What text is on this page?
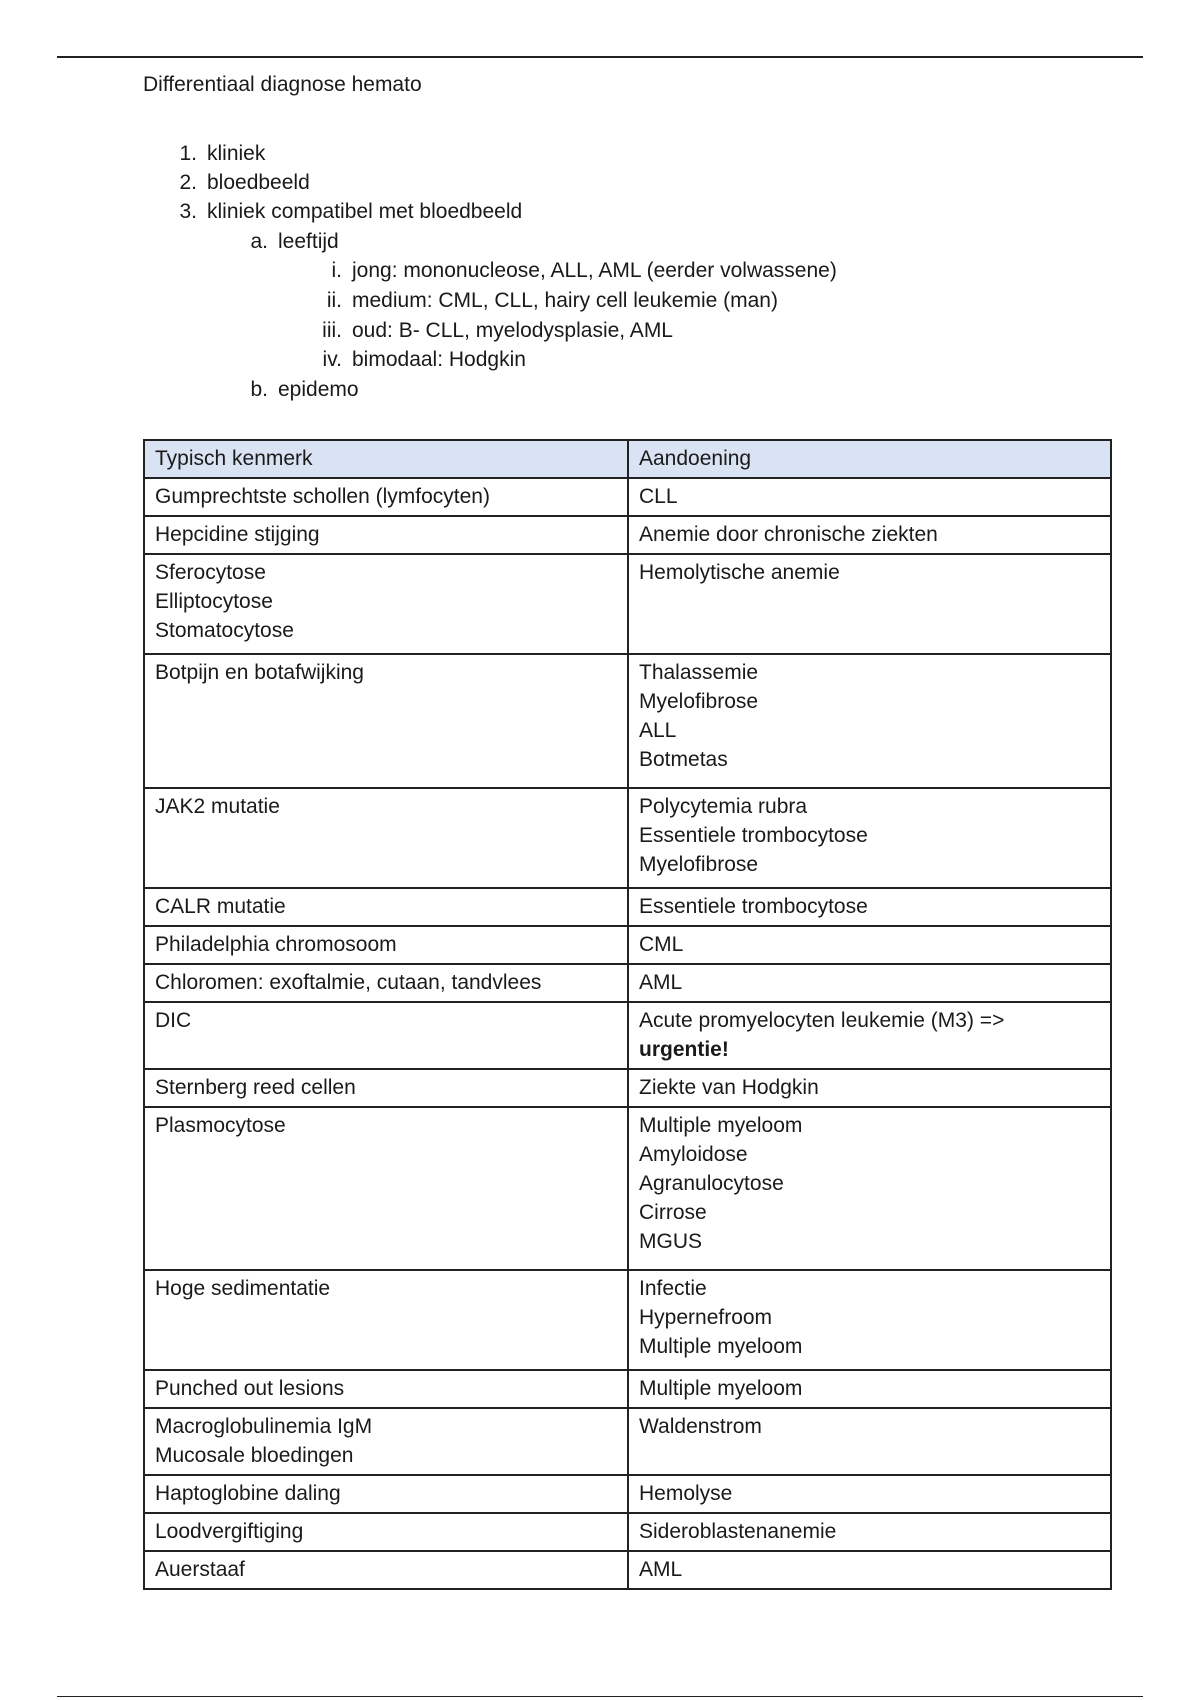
Differentiaal diagnose hemato
1. kliniek
2. bloedbeeld
3. kliniek compatibel met bloedbeeld
a. leeftijd
i. jong: mononucleose, ALL, AML (eerder volwassene)
ii. medium: CML, CLL, hairy cell leukemie (man)
iii. oud: B- CLL, myelodysplasie, AML
iv. bimodaal: Hodgkin
b. epidemo
Typisch kenmerk	Aandoening

Gumprechtste schollen (lymfocyten)	CLL

Hepcidine stijging	Anemie door chronische ziekten

Sferocytose
Elliptocytose
Stomatocytose	Hemolytische anemie

Botpijn en botafwijking	Thalassemie
Myelofibrose
ALL
Botmetas

JAK2 mutatie	Polycytemia rubra
Essentiele trombocytose
Myelofibrose

CALR mutatie	Essentiele trombocytose

Philadelphia chromosoom	CML

Chloromen: exoftalmie, cutaan, tandvlees	AML

DIC	Acute promyelocyten leukemie (M3) =>
urgentie!

Sternberg reed cellen	Ziekte van Hodgkin

Plasmocytose	Multiple myeloom
Amyloidose
Agranulocytose
Cirrose
MGUS

Hoge sedimentatie	Infectie
Hypernefroom
Multiple myeloom

Punched out lesions	Multiple myeloom

Macroglobulinemia IgM
Mucosale bloedingen	Waldenstrom

Haptoglobine daling	Hemolyse

Loodvergiftiging	Sideroblastenanemie

Auerstaaf	AML
